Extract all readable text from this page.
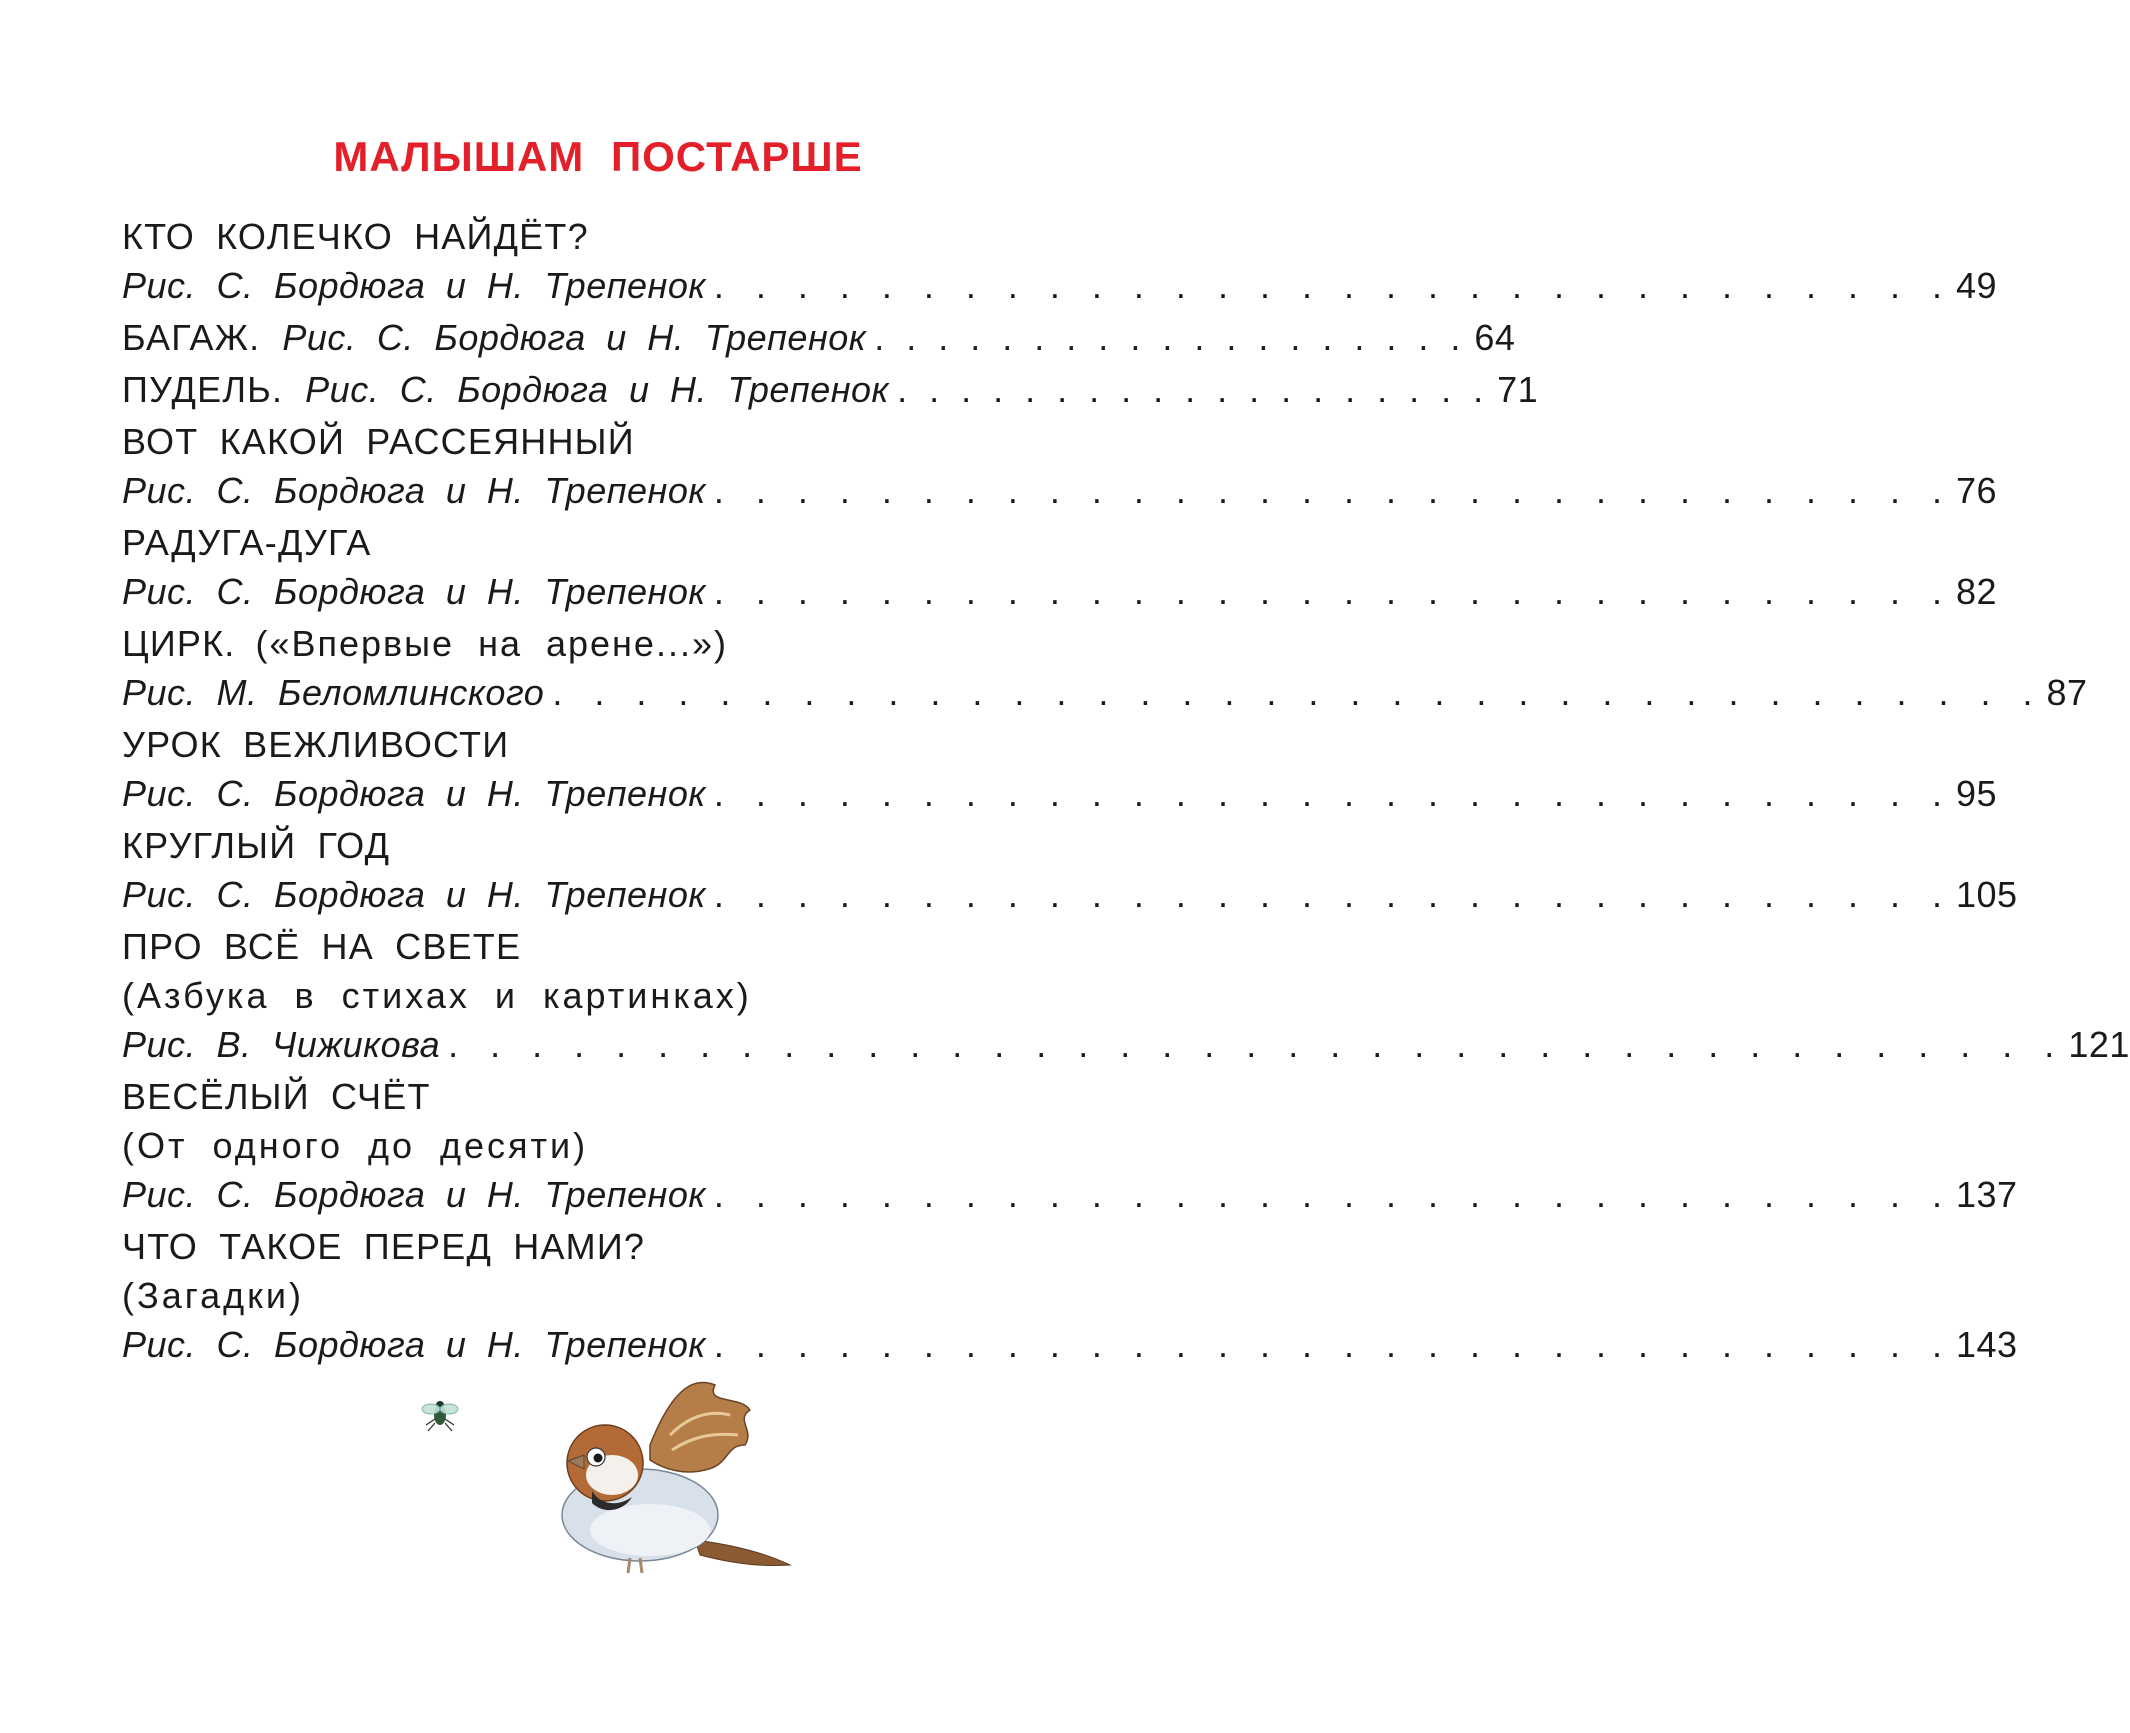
МАЛЫШАМ ПОСТАРШЕ
КТО КОЛЕЧКО НАЙДЁТ?
Рис. С. Бордюга и Н. Трепенок . . . . . . . . . . . . . . . . . . . . . . . . . . . . . . 49
БАГАЖ. Рис. С. Бордюга и Н. Трепенок . . . . . . . . . . . . . . . . . . . 64
ПУДЕЛЬ. Рис. С. Бордюга и Н. Трепенок . . . . . . . . . . . . . . . . . . . 71
ВОТ КАКОЙ РАССЕЯННЫЙ
Рис. С. Бордюга и Н. Трепенок . . . . . . . . . . . . . . . . . . . . . . . . . . . . . . 76
РАДУГА-ДУГА
Рис. С. Бордюга и Н. Трепенок . . . . . . . . . . . . . . . . . . . . . . . . . . . . . . 82
ЦИРК. («Впервые на арене...»)
Рис. М. Беломлинского . . . . . . . . . . . . . . . . . . . . . . . . . . . . . . . . . . . . 87
УРОК ВЕЖЛИВОСТИ
Рис. С. Бордюга и Н. Трепенок . . . . . . . . . . . . . . . . . . . . . . . . . . . . . . 95
КРУГЛЫЙ ГОД
Рис. С. Бордюга и Н. Трепенок . . . . . . . . . . . . . . . . . . . . . . . . . . . . . . 105
ПРО ВСЁ НА СВЕТЕ
(Азбука в стихах и картинках)
Рис. В. Чижикова . . . . . . . . . . . . . . . . . . . . . . . . . . . . . . . . . . . . . . . 121
ВЕСЁЛЫЙ СЧЁТ
(От одного до десяти)
Рис. С. Бордюга и Н. Трепенок . . . . . . . . . . . . . . . . . . . . . . . . . . . . . . 137
ЧТО ТАКОЕ ПЕРЕД НАМИ?
(Загадки)
Рис. С. Бордюга и Н. Трепенок . . . . . . . . . . . . . . . . . . . . . . . . . . . . . . 143
